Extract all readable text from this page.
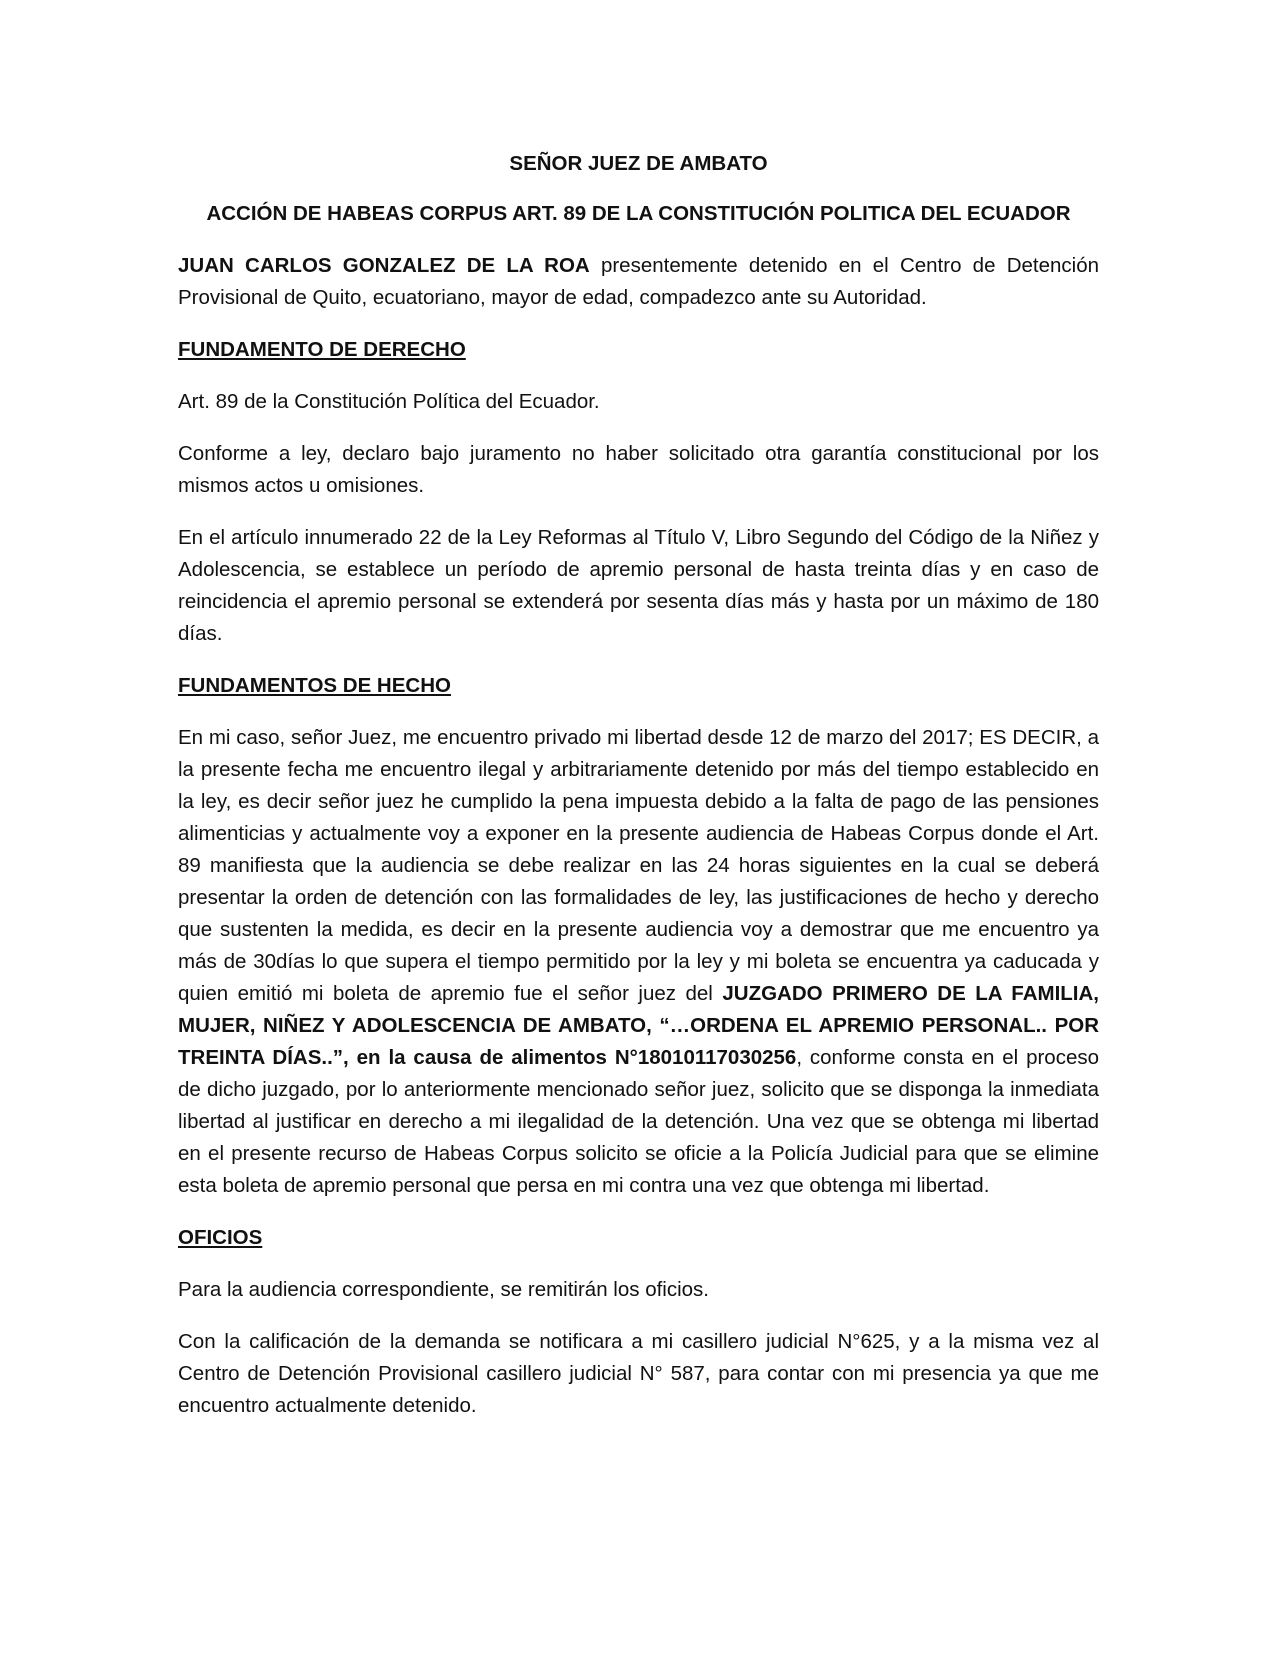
SEÑOR JUEZ DE AMBATO
ACCIÓN DE HABEAS CORPUS ART. 89 DE LA CONSTITUCIÓN POLITICA DEL ECUADOR

JUAN CARLOS GONZALEZ DE LA ROA presentemente detenido en el Centro de Detención Provisional de Quito, ecuatoriano, mayor de edad, compadezco ante su Autoridad.

FUNDAMENTO DE DERECHO

Art. 89 de la Constitución Política del Ecuador.

Conforme a ley, declaro bajo juramento no haber solicitado otra garantía constitucional por los mismos actos u omisiones.

En el artículo innumerado 22 de la Ley Reformas al Título V, Libro Segundo del Código de la Niñez y Adolescencia, se establece un período de apremio personal de hasta treinta días y en caso de reincidencia el apremio personal se extenderá por sesenta días más y hasta por un máximo de 180 días.

FUNDAMENTOS DE HECHO

En mi caso, señor Juez, me encuentro privado mi libertad desde 12 de marzo del 2017; ES DECIR, a la presente fecha me encuentro ilegal y arbitrariamente detenido por más del tiempo establecido en la ley, es decir señor juez he cumplido la pena impuesta debido a la falta de pago de las pensiones alimenticias y actualmente voy a exponer en la presente audiencia de Habeas Corpus donde el Art. 89 manifiesta que la audiencia se debe realizar en las 24 horas siguientes en la cual se deberá presentar la orden de detención con las formalidades de ley, las justificaciones de hecho y derecho que sustenten la medida, es decir en la presente audiencia voy a demostrar que me encuentro ya más de 30días lo que supera el tiempo permitido por la ley y mi boleta se encuentra ya caducada y quien emitió mi boleta de apremio fue el señor juez del JUZGADO PRIMERO DE LA FAMILIA, MUJER, NIÑEZ Y ADOLESCENCIA DE AMBATO, “…ORDENA EL APREMIO PERSONAL.. POR TREINTA DÍAS..”, en la causa de alimentos N°18010117030256, conforme consta en el proceso de dicho juzgado, por lo anteriormente mencionado señor juez, solicito que se disponga la inmediata libertad al justificar en derecho a mi ilegalidad de la detención. Una vez que se obtenga mi libertad en el presente recurso de Habeas Corpus solicito se oficie a la Policía Judicial para que se elimine esta boleta de apremio personal que persa en mi contra una vez que obtenga mi libertad.

OFICIOS

Para la audiencia correspondiente, se remitirán los oficios.

Con la calificación de la demanda se notificara a mi casillero judicial N°625, y a la misma vez al Centro de Detención Provisional casillero judicial N° 587, para contar con mi presencia ya que me encuentro actualmente detenido.
